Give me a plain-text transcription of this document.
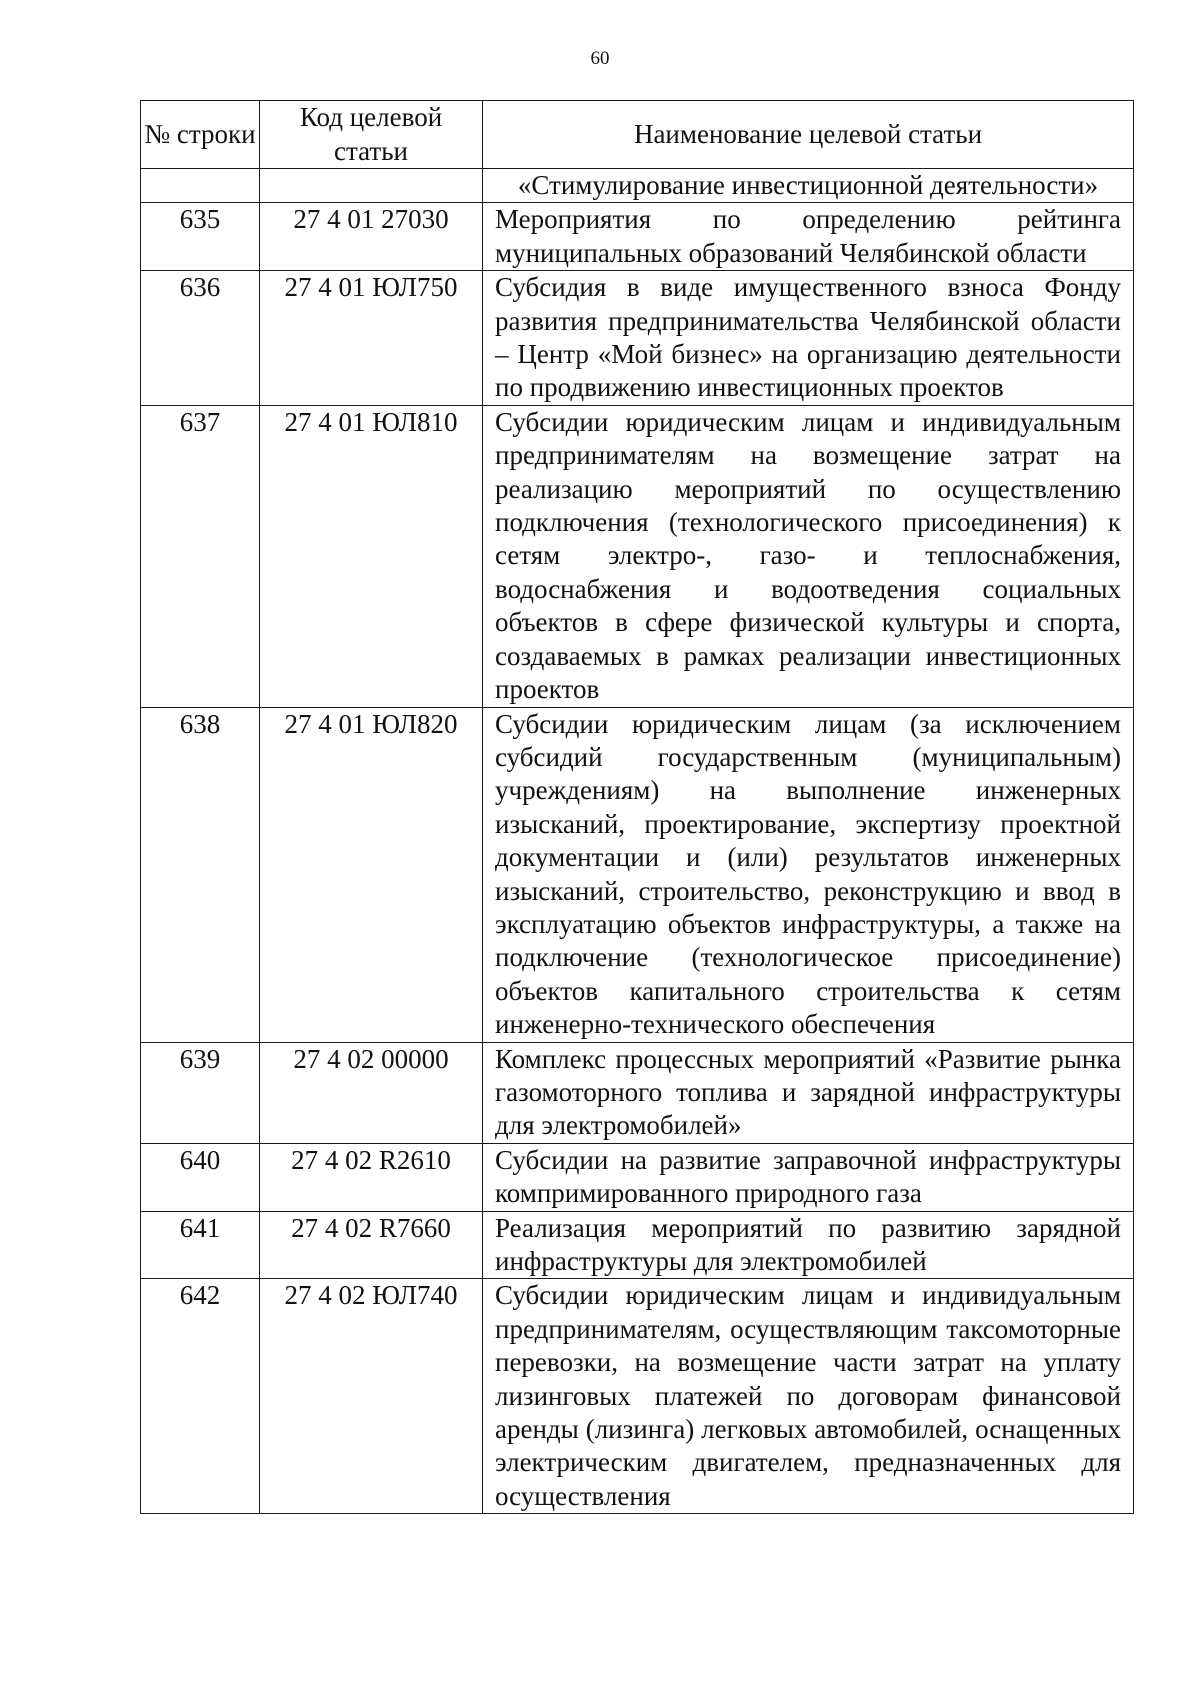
60
№ строки	Код целевой статьи	Наименование целевой статьи
		«Стимулирование инвестиционной деятельности»
635	27 4 01 27030	Мероприятия по определению рейтинга муниципальных образований Челябинской области
636	27 4 01 ЮЛ750	Субсидия в виде имущественного взноса Фонду развития предпринимательства Челябинской области – Центр «Мой бизнес» на организацию деятельности по продвижению инвестиционных проектов
637	27 4 01 ЮЛ810	Субсидии юридическим лицам и индивидуальным предпринимателям на возмещение затрат на реализацию мероприятий по осуществлению подключения (технологического присоединения) к сетям электро-, газо- и теплоснабжения, водоснабжения и водоотведения социальных объектов в сфере физической культуры и спорта, создаваемых в рамках реализации инвестиционных проектов
638	27 4 01 ЮЛ820	Субсидии юридическим лицам (за исключением субсидий государственным (муниципальным) учреждениям) на выполнение инженерных изысканий, проектирование, экспертизу проектной документации и (или) результатов инженерных изысканий, строительство, реконструкцию и ввод в эксплуатацию объектов инфраструктуры, а также на подключение (технологическое присоединение) объектов капитального строительства к сетям инженерно-технического обеспечения
639	27 4 02 00000	Комплекс процессных мероприятий «Развитие рынка газомоторного топлива и зарядной инфраструктуры для электромобилей»
640	27 4 02 R2610	Субсидии на развитие заправочной инфраструктуры компримированного природного газа
641	27 4 02 R7660	Реализация мероприятий по развитию зарядной инфраструктуры для электромобилей
642	27 4 02 ЮЛ740	Субсидии юридическим лицам и индивидуальным предпринимателям, осуществляющим таксомоторные перевозки, на возмещение части затрат на уплату лизинговых платежей по договорам финансовой аренды (лизинга) легковых автомобилей, оснащенных электрическим двигателем, предназначенных для осуществления
